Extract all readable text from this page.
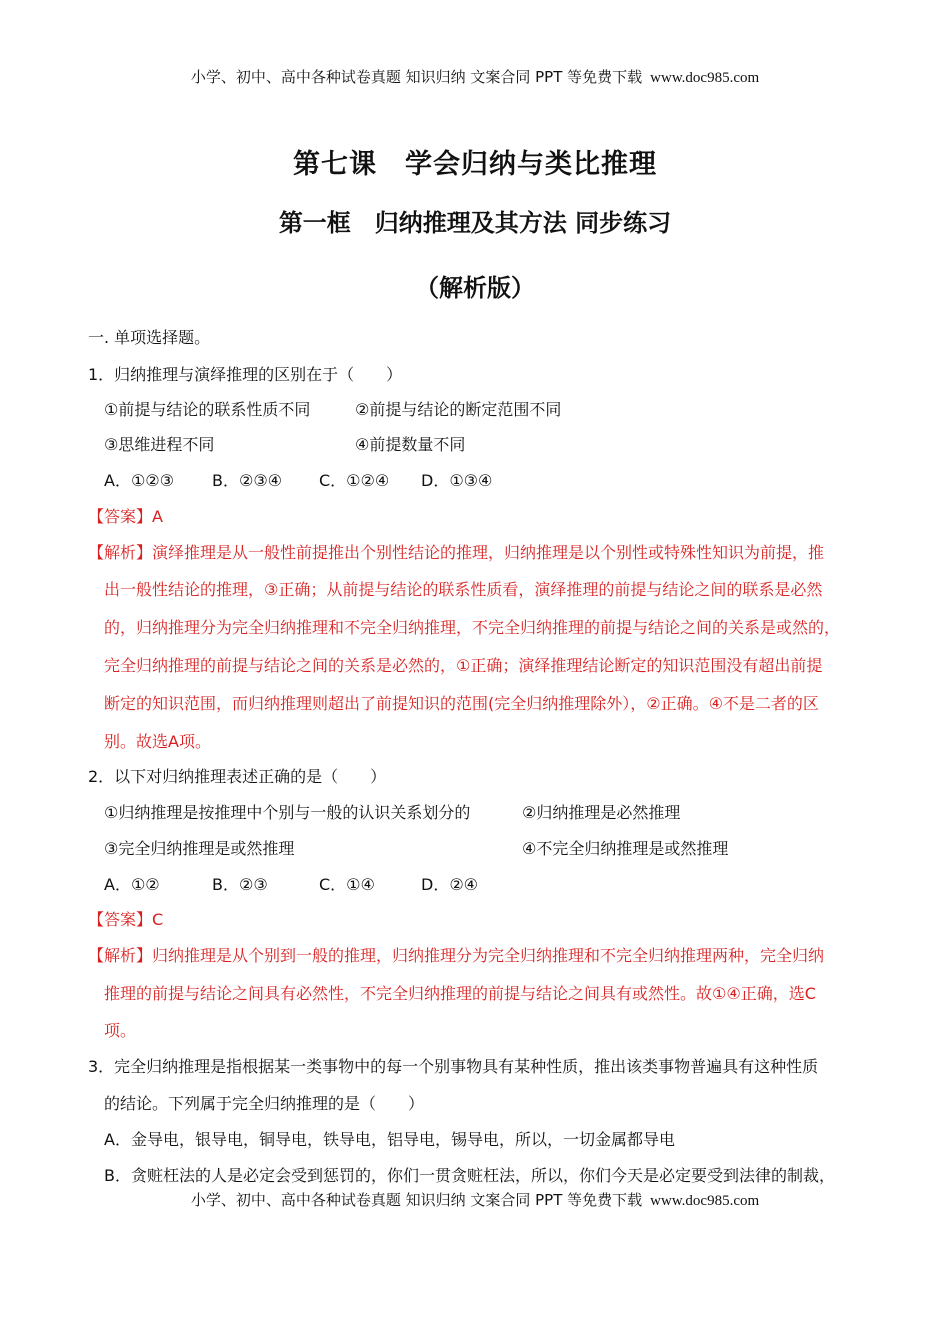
小学、初中、高中各种试卷真题 知识归纳 文案合同 PPT 等免费下载 www.doc985.com
第七课　学会归纳与类比推理
第一框　归纳推理及其方法 同步练习
（解析版）
一. 单项选择题。
1．归纳推理与演绎推理的区别在于（　　）
①前提与结论的联系性质不同	②前提与结论的断定范围不同
③思维进程不同	④前提数量不同
A．①②③ B．②③④ C．①②④ D．①③④
【答案】A
【解析】演绎推理是从一般性前提推出个别性结论的推理，归纳推理是以个别性或特殊性知识为前提，推
出一般性结论的推理，③正确；从前提与结论的联系性质看，演绎推理的前提与结论之间的联系是必然
的，归纳推理分为完全归纳推理和不完全归纳推理，不完全归纳推理的前提与结论之间的关系是或然的，
完全归纳推理的前提与结论之间的关系是必然的，①正确；演绎推理结论断定的知识范围没有超出前提
断定的知识范围，而归纳推理则超出了前提知识的范围(完全归纳推理除外），②正确。④不是二者的区
别。故选A项。
2．以下对归纳推理表述正确的是（　　）
①归纳推理是按推理中个别与一般的认识关系划分的	②归纳推理是必然推理
③完全归纳推理是或然推理	④不完全归纳推理是或然推理
A．①②	B．②③	C．①④	D．②④
【答案】C
【解析】归纳推理是从个别到一般的推理，归纳推理分为完全归纳推理和不完全归纳推理两种，完全归纳
推理的前提与结论之间具有必然性，不完全归纳推理的前提与结论之间具有或然性。故①④正确，选C
项。
3．完全归纳推理是指根据某一类事物中的每一个别事物具有某种性质，推出该类事物普遍具有这种性质
的结论。下列属于完全归纳推理的是（　　）
A．金导电，银导电，铜导电，铁导电，铝导电，锡导电，所以，一切金属都导电
B．贪赃枉法的人是必定会受到惩罚的，你们一贯贪赃枉法，所以，你们今天是必定要受到法律的制裁，
小学、初中、高中各种试卷真题 知识归纳 文案合同 PPT 等免费下载 www.doc985.com
